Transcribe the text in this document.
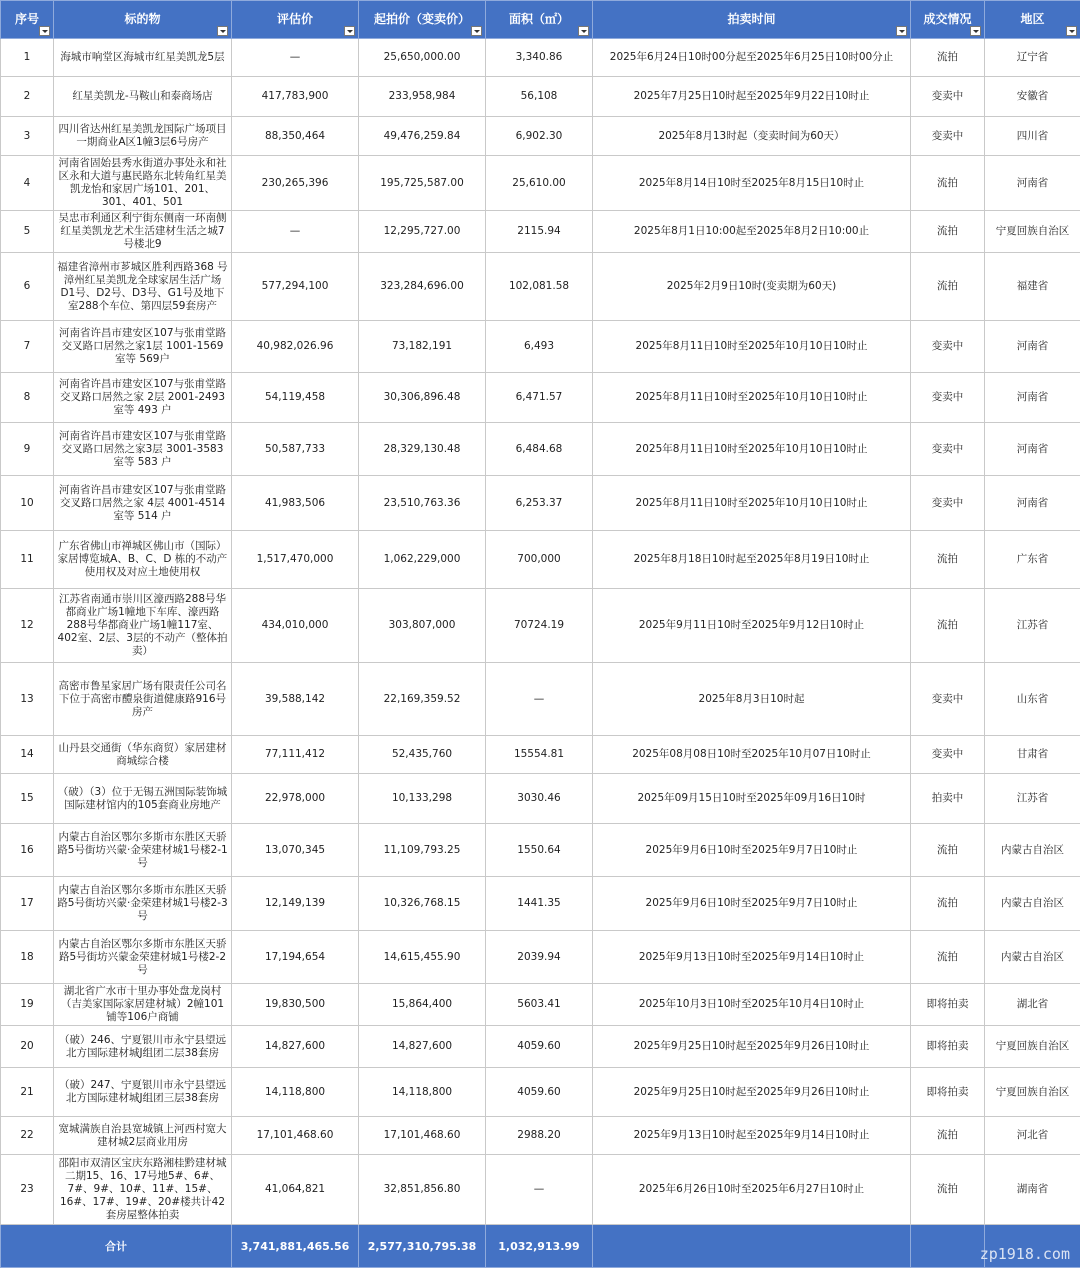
序号	标的物	评估价	起拍价（变卖价）	面积（㎡）	拍卖时间	成交情况	地区

1	海城市响堂区海城市红星美凯龙5层	—	25,650,000.00	3,340.86	2025年6月24日10时00分起至2025年6月25日10时00分止	流拍	辽宁省
2	红星美凯龙-马鞍山和泰商场店	417,783,900	233,958,984	56,108	2025年7月25日10时起至2025年9月22日10时止	变卖中	安徽省
3	四川省达州红星美凯龙国际广场项目一期商业A区1幢3层6号房产	88,350,464	49,476,259.84	6,902.30	2025年8月13时起（变卖时间为60天）	变卖中	四川省
4	河南省固始县秀水街道办事处永和社区永和大道与惠民路东北转角红星美凯龙怡和家居广场101、201、301、401、501	230,265,396	195,725,587.00	25,610.00	2025年8月14日10时至2025年8月15日10时止	流拍	河南省
5	吴忠市利通区利宁街东侧南一环南侧红星美凯龙艺术生活建材生活之城7号楼北9	—	12,295,727.00	2115.94	2025年8月1日10:00起至2025年8月2日10:00止	流拍	宁夏回族自治区
6	福建省漳州市芗城区胜利西路368 号漳州红星美凯龙全球家居生活广场 D1号、D2号、D3号、G1号及地下室288个车位、第四层59套房产	577,294,100	323,284,696.00	102,081.58	2025年2月9日10时(变卖期为60天)	流拍	福建省
7	河南省许昌市建安区107与张甫堂路交叉路口居然之家1层 1001-1569 室等 569户	40,982,026.96	73,182,191	6,493	2025年8月11日10时至2025年10月10日10时止	变卖中	河南省
8	河南省许昌市建安区107与张甫堂路交叉路口居然之家 2层 2001-2493 室等 493 户	54,119,458	30,306,896.48	6,471.57	2025年8月11日10时至2025年10月10日10时止	变卖中	河南省
9	河南省许昌市建安区107与张甫堂路交叉路口居然之家3层 3001-3583 室等 583 户	50,587,733	28,329,130.48	6,484.68	2025年8月11日10时至2025年10月10日10时止	变卖中	河南省
10	河南省许昌市建安区107与张甫堂路交叉路口居然之家 4层 4001-4514 室等 514 户	41,983,506	23,510,763.36	6,253.37	2025年8月11日10时至2025年10月10日10时止	变卖中	河南省
11	广东省佛山市禅城区佛山市（国际）家居博览城A、B、C、D 栋的不动产使用权及对应土地使用权	1,517,470,000	1,062,229,000	700,000	2025年8月18日10时起至2025年8月19日10时止	流拍	广东省
12	江苏省南通市崇川区濠西路288号华都商业广场1幢地下车库、濠西路288号华都商业广场1幢117室、402室、2层、3层的不动产（整体拍卖）	434,010,000	303,807,000	70724.19	2025年9月11日10时至2025年9月12日10时止	流拍	江苏省
13	高密市鲁星家居广场有限责任公司名下位于高密市醴泉街道健康路916号房产	39,588,142	22,169,359.52	—	2025年8月3日10时起	变卖中	山东省
14	山丹县交通街（华东商贸）家居建材商城综合楼	77,111,412	52,435,760	15554.81	2025年08月08日10时至2025年10月07日10时止	变卖中	甘肃省
15	（破）（3）位于无锡五洲国际装饰城国际建材馆内的105套商业房地产	22,978,000	10,133,298	3030.46	2025年09月15日10时至2025年09月16日10时	拍卖中	江苏省
16	内蒙古自治区鄂尔多斯市东胜区天骄路5号街坊兴蒙·金荣建材城1号楼2-1号	13,070,345	11,109,793.25	1550.64	2025年9月6日10时至2025年9月7日10时止	流拍	内蒙古自治区
17	内蒙古自治区鄂尔多斯市东胜区天骄路5号街坊兴蒙·金荣建材城1号楼2-3号	12,149,139	10,326,768.15	1441.35	2025年9月6日10时至2025年9月7日10时止	流拍	内蒙古自治区
18	内蒙古自治区鄂尔多斯市东胜区天骄路5号街坊兴蒙金荣建材城1号楼2-2号	17,194,654	14,615,455.90	2039.94	2025年9月13日10时至2025年9月14日10时止	流拍	内蒙古自治区
19	湖北省广水市十里办事处盘龙岗村（吉美家国际家居建材城）2幢101铺等106户商铺	19,830,500	15,864,400	5603.41	2025年10月3日10时至2025年10月4日10时止	即将拍卖	湖北省
20	（破）246、宁夏银川市永宁县望远北方国际建材城J组团二层38套房	14,827,600	14,827,600	4059.60	2025年9月25日10时起至2025年9月26日10时止	即将拍卖	宁夏回族自治区
21	（破）247、宁夏银川市永宁县望远北方国际建材城J组团三层38套房	14,118,800	14,118,800	4059.60	2025年9月25日10时起至2025年9月26日10时止	即将拍卖	宁夏回族自治区
22	宽城满族自治县宽城镇上河西村宽大建材城2层商业用房	17,101,468.60	17,101,468.60	2988.20	2025年9月13日10时起至2025年9月14日10时止	流拍	河北省
23	邵阳市双清区宝庆东路湘桂黔建材城二期15、16、17号地5#、6#、7#、9#、10#、11#、15#、16#、17#、19#、20#楼共计42套房屋整体拍卖	41,064,821	32,851,856.80	—	2025年6月26日10时至2025年6月27日10时止	流拍	湖南省
合计		3,741,881,465.56	2,577,310,795.38	1,032,913.99				zp1918.com
